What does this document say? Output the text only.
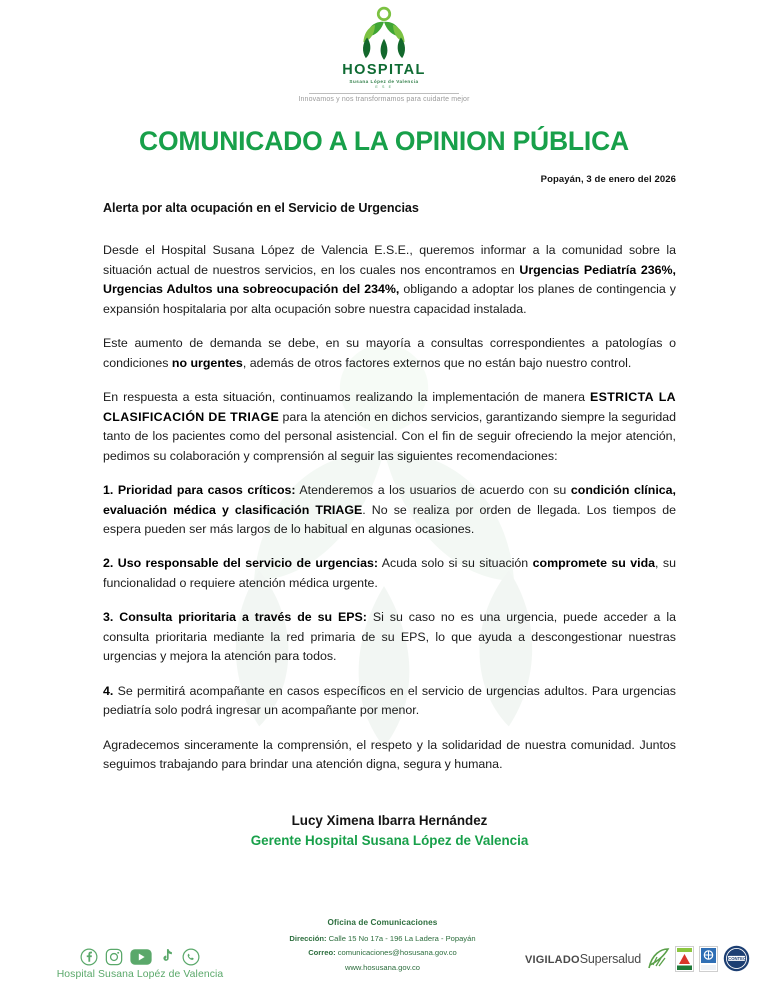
HOSPITAL
Susana López de Valencia
E S E
Innovamos y nos transformamos para cuidarte mejor
COMUNICADO A LA OPINION PÚBLICA
Popayán, 3 de enero del 2026
Alerta por alta ocupación en el Servicio de Urgencias

Desde el Hospital Susana López de Valencia E.S.E., queremos informar a la comunidad sobre la situación actual de nuestros servicios, en los cuales nos encontramos en Urgencias Pediatría 236%, Urgencias Adultos una sobreocupación del 234%, obligando a adoptar los planes de contingencia y expansión hospitalaria por alta ocupación sobre nuestra capacidad instalada.

Este aumento de demanda se debe, en su mayoría a consultas correspondientes a patologías o condiciones no urgentes, además de otros factores externos que no están bajo nuestro control.

En respuesta a esta situación, continuamos realizando la implementación de manera ESTRICTA LA CLASIFICACIÓN DE TRIAGE para la atención en dichos servicios, garantizando siempre la seguridad tanto de los pacientes como del personal asistencial. Con el fin de seguir ofreciendo la mejor atención, pedimos su colaboración y comprensión al seguir las siguientes recomendaciones:

1. Prioridad para casos críticos: Atenderemos a los usuarios de acuerdo con su condición clínica, evaluación médica y clasificación TRIAGE. No se realiza por orden de llegada. Los tiempos de espera pueden ser más largos de lo habitual en algunas ocasiones.

2. Uso responsable del servicio de urgencias: Acuda solo si su situación compromete su vida, su funcionalidad o requiere atención médica urgente.

3. Consulta prioritaria a través de su EPS: Si su caso no es una urgencia, puede acceder a la consulta prioritaria mediante la red primaria de su EPS, lo que ayuda a descongestionar nuestras urgencias y mejora la atención para todos.

4. Se permitirá acompañante en casos específicos en el servicio de urgencias adultos. Para urgencias pediatría solo podrá ingresar un acompañante por menor.

Agradecemos sinceramente la comprensión, el respeto y la solidaridad de nuestra comunidad. Juntos seguimos trabajando para brindar una atención digna, segura y humana.

Lucy Ximena Ibarra Hernández
Gerente Hospital Susana López de Valencia
Hospital Susana Lopéz de Valencia
Oficina de Comunicaciones
Dirección: Calle 15 No 17a - 196 La Ladera - Popayán
Correo: comunicaciones@hosusana.gov.co
www.hosusana.gov.co
VIGILADOSupersalud	ICONTEC
